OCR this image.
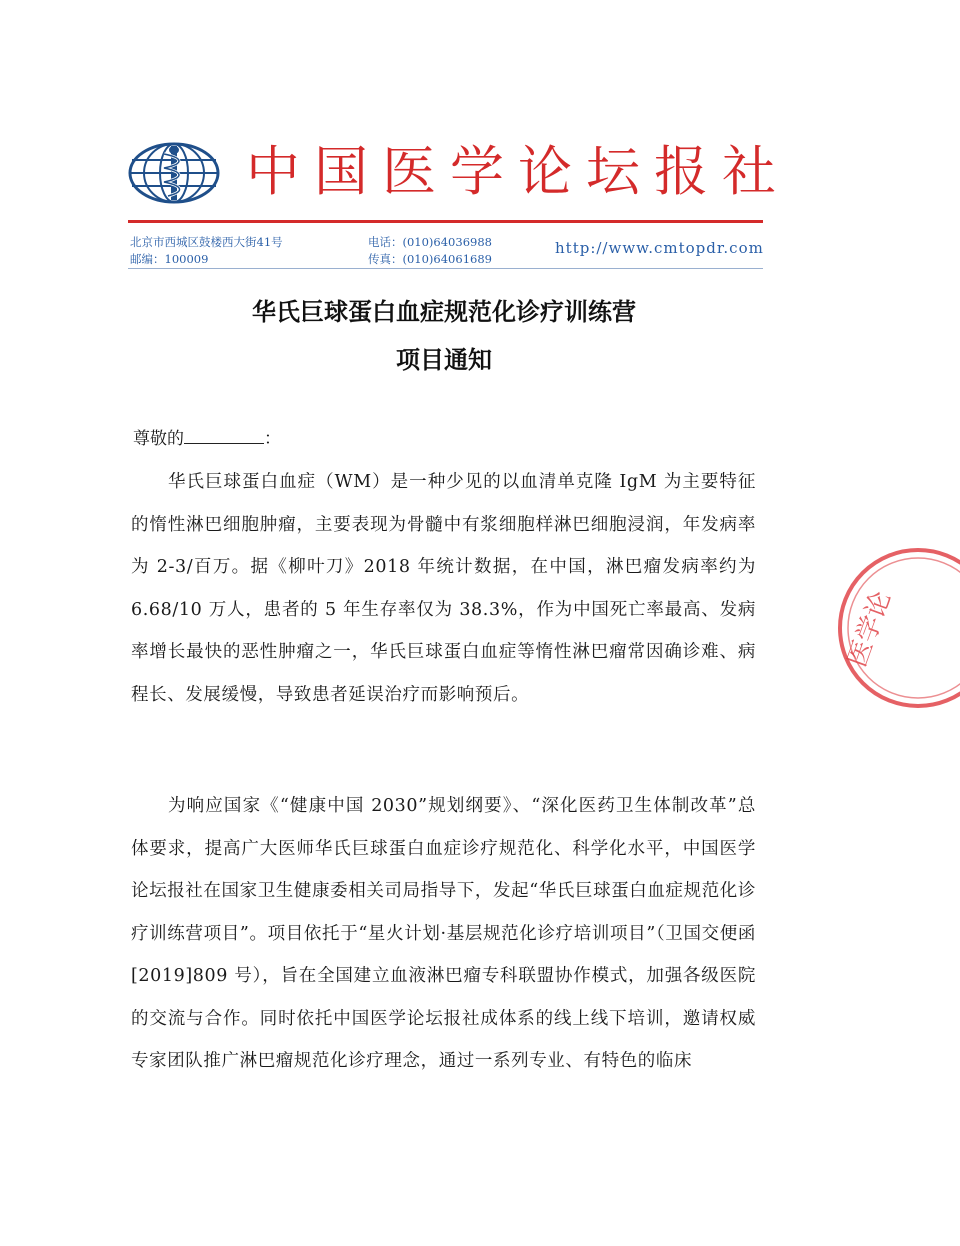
中国医学论坛报社
北京市西城区鼓楼西大街41号
邮编：100009
电话：(010)64036988
传真：(010)64061689
http://www.cmtopdr.com
华氏巨球蛋白血症规范化诊疗训练营
项目通知
尊敬的	：
华氏巨球蛋白血症（WM）是一种少见的以血清单克隆 IgM 为主要特征的惰性淋巴细胞肿瘤，主要表现为骨髓中有浆细胞样淋巴细胞浸润，年发病率为 2-3/百万。据《柳叶刀》2018 年统计数据，在中国，淋巴瘤发病率约为 6.68/10 万人，患者的 5 年生存率仅为 38.3%，作为中国死亡率最高、发病率增长最快的恶性肿瘤之一，华氏巨球蛋白血症等惰性淋巴瘤常因确诊难、病程长、发展缓慢，导致患者延误治疗而影响预后。
为响应国家《“健康中国 2030”规划纲要》、“深化医药卫生体制改革”总体要求，提高广大医师华氏巨球蛋白血症诊疗规范化、科学化水平，中国医学论坛报社在国家卫生健康委相关司局指导下，发起“华氏巨球蛋白血症规范化诊疗训练营项目”。项目依托于“星火计划·基层规范化诊疗培训项目”（卫国交便函[2019]809 号），旨在全国建立血液淋巴瘤专科联盟协作模式，加强各级医院的交流与合作。同时依托中国医学论坛报社成体系的线上线下培训，邀请权威专家团队推广淋巴瘤规范化诊疗理念，通过一系列专业、有特色的临床
医学论
